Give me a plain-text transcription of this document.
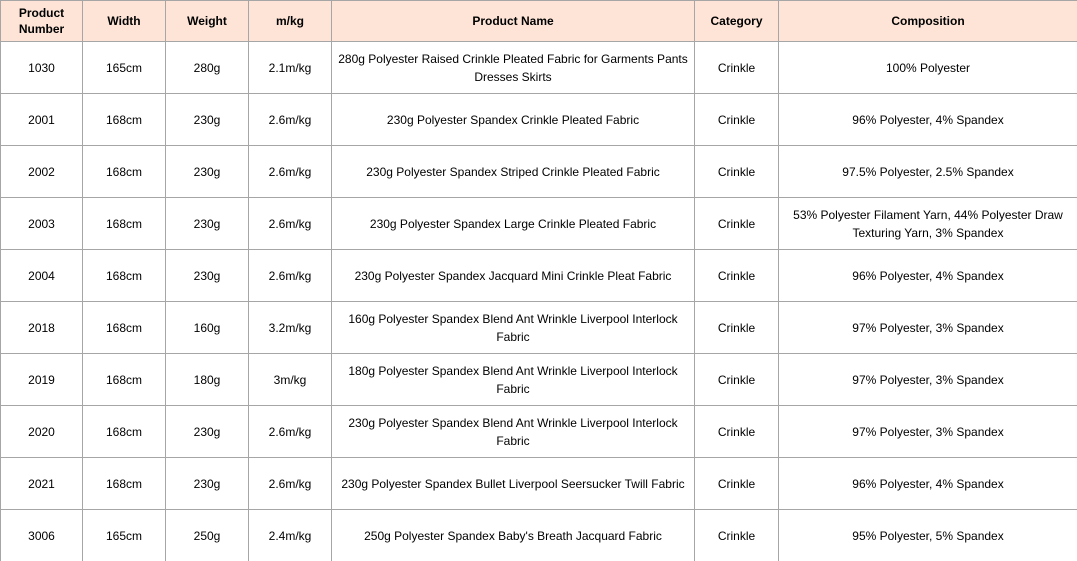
Product Number	Width	Weight	m/kg	Product Name	Category	Composition
1030	165cm	280g	2.1m/kg	280g Polyester Raised Crinkle Pleated Fabric for Garments Pants Dresses Skirts	Crinkle	100% Polyester
2001	168cm	230g	2.6m/kg	230g Polyester Spandex Crinkle Pleated Fabric	Crinkle	96% Polyester, 4% Spandex
2002	168cm	230g	2.6m/kg	230g Polyester Spandex Striped Crinkle Pleated Fabric	Crinkle	97.5% Polyester, 2.5% Spandex
2003	168cm	230g	2.6m/kg	230g Polyester Spandex Large Crinkle Pleated Fabric	Crinkle	53% Polyester Filament Yarn, 44% Polyester Draw Texturing Yarn, 3% Spandex
2004	168cm	230g	2.6m/kg	230g Polyester Spandex Jacquard Mini Crinkle Pleat Fabric	Crinkle	96% Polyester, 4% Spandex
2018	168cm	160g	3.2m/kg	160g Polyester Spandex Blend Ant Wrinkle Liverpool Interlock Fabric	Crinkle	97% Polyester, 3% Spandex
2019	168cm	180g	3m/kg	180g Polyester Spandex Blend Ant Wrinkle Liverpool Interlock Fabric	Crinkle	97% Polyester, 3% Spandex
2020	168cm	230g	2.6m/kg	230g Polyester Spandex Blend Ant Wrinkle Liverpool Interlock Fabric	Crinkle	97% Polyester, 3% Spandex
2021	168cm	230g	2.6m/kg	230g Polyester Spandex Bullet Liverpool Seersucker Twill Fabric	Crinkle	96% Polyester, 4% Spandex
3006	165cm	250g	2.4m/kg	250g Polyester Spandex Baby's Breath Jacquard Fabric	Crinkle	95% Polyester, 5% Spandex
